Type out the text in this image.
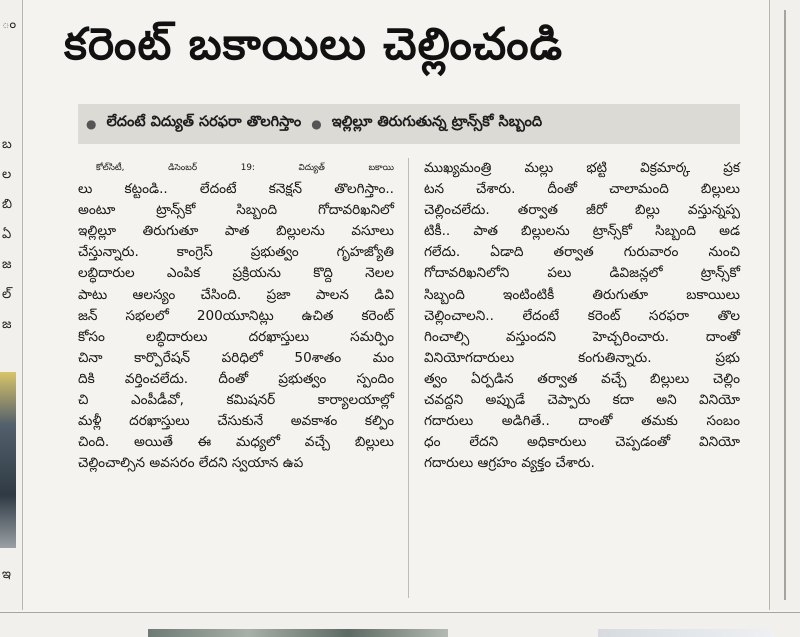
ం
బ
ల
బి
ఏ
జ
ల్
జ
ఇ
కరెంట్ బకాయిలు చెల్లించండి
● లేదంటే విద్యుత్ సరఫరా తొలగిస్తాం ● ఇల్లిల్లూ తిరుగుతున్న ట్రాన్స్‌కో సిబ్బంది
కోల్‌సిటీ, డిసెంబర్ 19: విద్యుత్ బకాయి
లు కట్టండి.. లేదంటే కనెక్షన్ తొలగిస్తాం..
అంటూ ట్రాన్స్‌కో సిబ్బంది గోదావరిఖనిలో
ఇల్లిల్లూ తిరుగుతూ పాత బిల్లులను వసూలు
చేస్తున్నారు. కాంగ్రెస్ ప్రభుత్వం గృహజ్యోతి
లబ్ధిదారుల ఎంపిక ప్రక్రియను కొద్ది నెలల
పాటు ఆలస్యం చేసింది. ప్రజా పాలన డివి
జన్ సభలలో 200యూనిట్లు ఉచిత కరెంట్
కోసం లబ్ధిదారులు దరఖాస్తులు సమర్పిం
చినా కార్పొరేషన్ పరిధిలో 50శాతం మం
దికి వర్తించలేదు. దీంతో ప్రభుత్వం స్పందిం
చి ఎంపీడీవో, కమిషనర్ కార్యాలయాల్లో
మళ్లీ దరఖాస్తులు చేసుకునే అవకాశం కల్పిం
చింది. అయితే ఈ మధ్యలో వచ్చే బిల్లులు
చెల్లించాల్సిన అవసరం లేదని స్వయాన ఉప
ముఖ్యమంత్రి మల్లు భట్టి విక్రమార్క ప్రక
టన చేశారు. దీంతో చాలామంది బిల్లులు
చెల్లించలేదు. తర్వాత జీరో బిల్లు వస్తున్నప్ప
టికీ.. పాత బిల్లులను ట్రాన్స్‌కో సిబ్బంది అడ
గలేదు. ఏడాది తర్వాత గురువారం నుంచి
గోదావరిఖనిలోని పలు డివిజన్లలో ట్రాన్స్‌కో
సిబ్బంది ఇంటింటికీ తిరుగుతూ బకాయిలు
చెల్లించాలని.. లేదంటే కరెంట్ సరఫరా తొల
గించాల్సి వస్తుందని హెచ్చరించారు. దాంతో
వినియోగదారులు కంగుతిన్నారు. ప్రభు
త్వం ఏర్పడిన తర్వాత వచ్చే బిల్లులు చెల్లిం
చవద్దని అప్పుడే చెప్పారు కదా అని వినియో
గదారులు అడిగితే.. దాంతో తమకు సంబం
ధం లేదని అధికారులు చెప్పడంతో వినియో
గదారులు ఆగ్రహం వ్యక్తం చేశారు.
